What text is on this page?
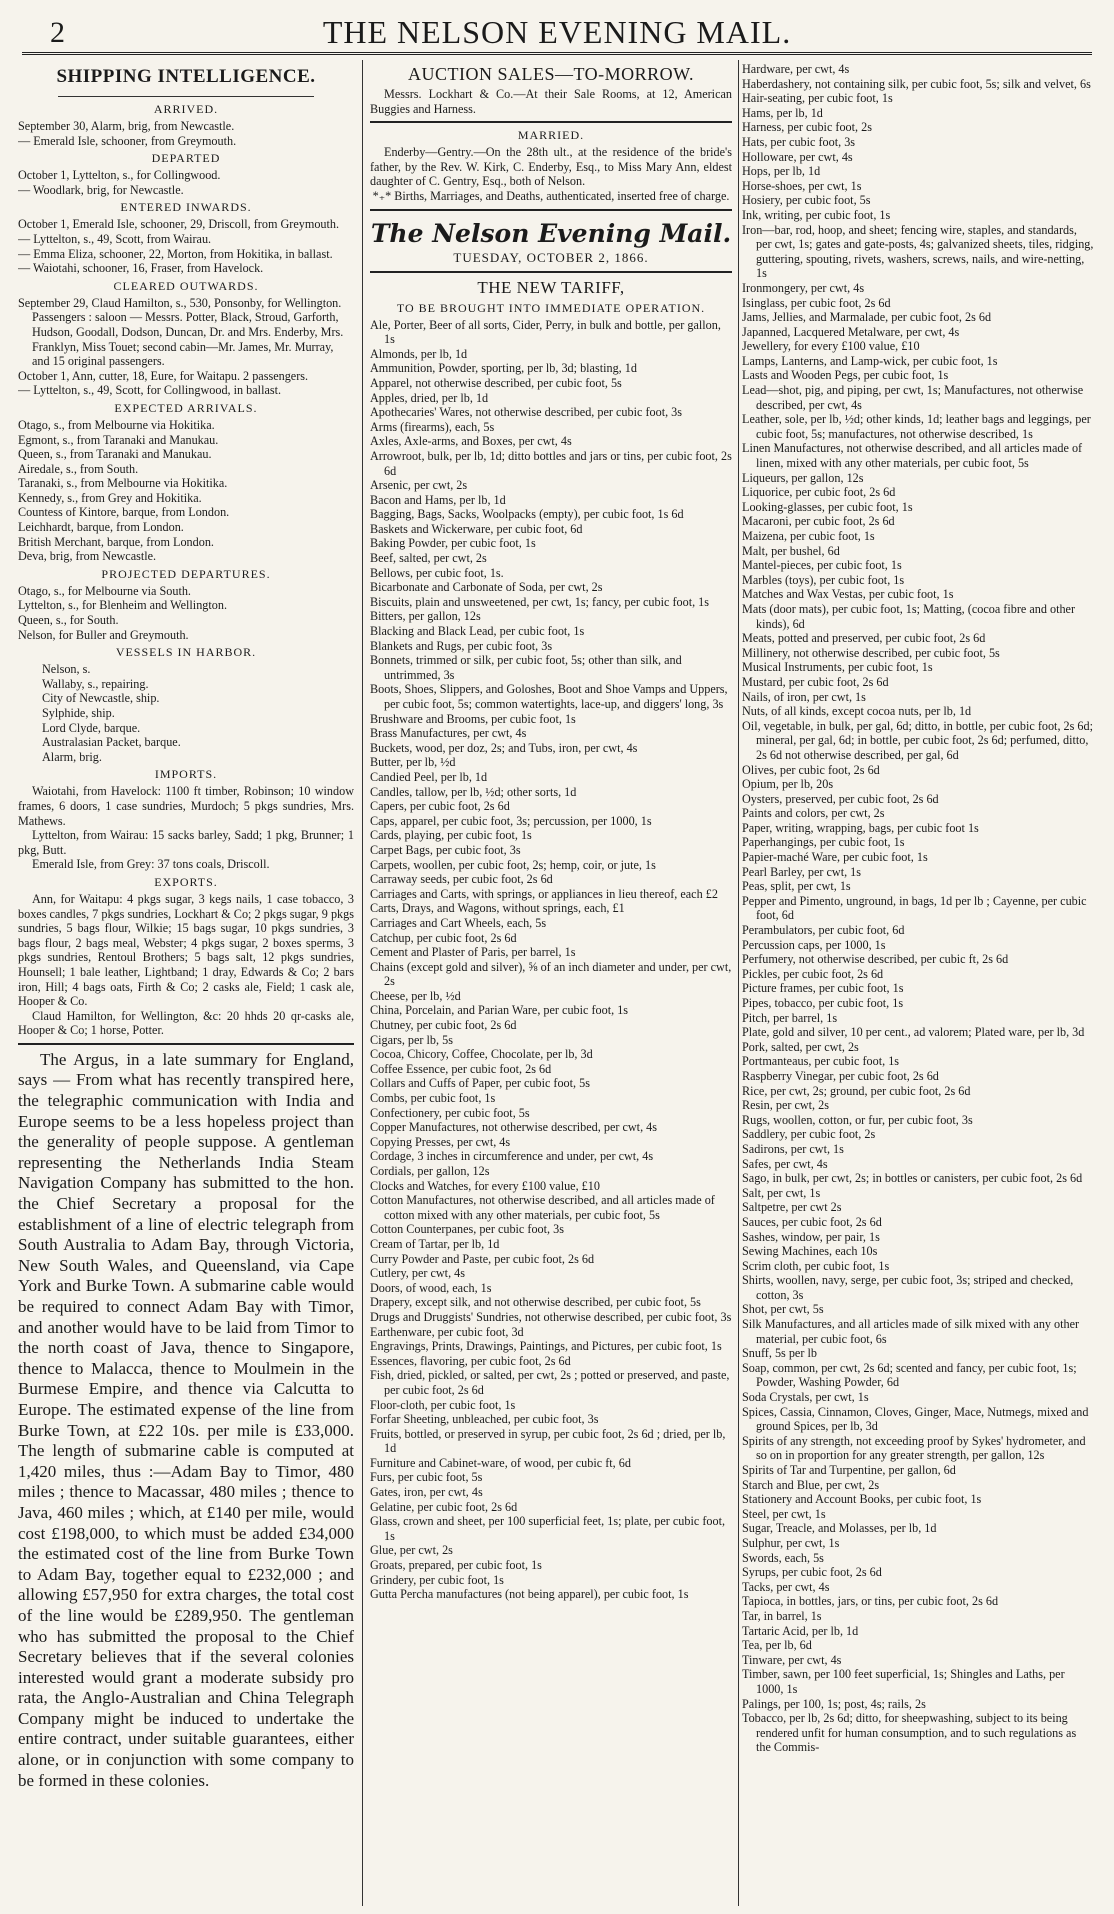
2	THE NELSON EVENING MAIL.
SHIPPING INTELLIGENCE.
ARRIVED.
September 30, Alarm, brig, from Newcastle.
— Emerald Isle, schooner, from Greymouth.
DEPARTED
October 1, Lyttelton, s., for Collingwood.
— Woodlark, brig, for Newcastle.
ENTERED INWARDS.
October 1, Emerald Isle, schooner, 29, Driscoll, from Greymouth.
— Lyttelton, s., 49, Scott, from Wairau.
— Emma Eliza, schooner, 22, Morton, from Hokitika, in ballast.
— Waiotahi, schooner, 16, Fraser, from Havelock.
CLEARED OUTWARDS.
September 29, Claud Hamilton, s., 530, Ponsonby, for Wellington. Passengers : saloon — Messrs. Potter, Black, Stroud, Garforth, Hudson, Goodall, Dodson, Duncan, Dr. and Mrs. Enderby, Mrs. Franklyn, Miss Touet; second cabin—Mr. James, Mr. Murray, and 15 original passengers.
October 1, Ann, cutter, 18, Eure, for Waitapu. 2 passengers.
— Lyttelton, s., 49, Scott, for Collingwood, in ballast.
EXPECTED ARRIVALS.
Otago, s., from Melbourne via Hokitika.
Egmont, s., from Taranaki and Manukau.
Queen, s., from Taranaki and Manukau.
Airedale, s., from South.
Taranaki, s., from Melbourne via Hokitika.
Kennedy, s., from Grey and Hokitika.
Countess of Kintore, barque, from London.
Leichhardt, barque, from London.
British Merchant, barque, from London.
Deva, brig, from Newcastle.
PROJECTED DEPARTURES.
Otago, s., for Melbourne via South.
Lyttelton, s., for Blenheim and Wellington.
Queen, s., for South.
Nelson, for Buller and Greymouth.
VESSELS IN HARBOR.
Nelson, s.
Wallaby, s., repairing.
City of Newcastle, ship.
Sylphide, ship.
Lord Clyde, barque.
Australasian Packet, barque.
Alarm, brig.
IMPORTS.
Waiotahi, from Havelock: 1100 ft timber, Robinson; 10 window frames, 6 doors, 1 case sundries, Murdoch; 5 pkgs sundries, Mrs. Mathews.
Lyttelton, from Wairau: 15 sacks barley, Sadd; 1 pkg, Brunner; 1 pkg, Butt.
Emerald Isle, from Grey: 37 tons coals, Driscoll.
EXPORTS.
Ann, for Waitapu: 4 pkgs sugar, 3 kegs nails, 1 case tobacco, 3 boxes candles, 7 pkgs sundries, Lockhart & Co; 2 pkgs sugar, 9 pkgs sundries, 5 bags flour, Wilkie; 15 bags sugar, 10 pkgs sundries, 3 bags flour, 2 bags meal, Webster; 4 pkgs sugar, 2 boxes sperms, 3 pkgs sundries, Rentoul Brothers; 5 bags salt, 12 pkgs sundries, Hounsell; 1 bale leather, Lightband; 1 dray, Edwards & Co; 2 bars iron, Hill; 4 bags oats, Firth & Co; 2 casks ale, Field; 1 cask ale, Hooper & Co.
Claud Hamilton, for Wellington, &c: 20 hhds 20 qr-casks ale, Hooper & Co; 1 horse, Potter.
The Argus, in a late summary for England, says — From what has recently transpired here, the telegraphic communication with India and Europe seems to be a less hopeless project than the generality of people suppose. A gentleman representing the Netherlands India Steam Navigation Company has submitted to the hon. the Chief Secretary a proposal for the establishment of a line of electric telegraph from South Australia to Adam Bay, through Victoria, New South Wales, and Queensland, via Cape York and Burke Town. A submarine cable would be required to connect Adam Bay with Timor, and another would have to be laid from Timor to the north coast of Java, thence to Singapore, thence to Malacca, thence to Moulmein in the Burmese Empire, and thence via Calcutta to Europe. The estimated expense of the line from Burke Town, at £22 10s. per mile is £33,000. The length of submarine cable is computed at 1,420 miles, thus :—Adam Bay to Timor, 480 miles ; thence to Macassar, 480 miles ; thence to Java, 460 miles ; which, at £140 per mile, would cost £198,000, to which must be added £34,000 the estimated cost of the line from Burke Town to Adam Bay, together equal to £232,000 ; and allowing £57,950 for extra charges, the total cost of the line would be £289,950. The gentleman who has submitted the proposal to the Chief Secretary believes that if the several colonies interested would grant a moderate subsidy pro rata, the Anglo-Australian and China Telegraph Company might be induced to undertake the entire contract, under suitable guarantees, either alone, or in conjunction with some company to be formed in these colonies.
AUCTION SALES—TO-MORROW.
Messrs. Lockhart & Co.—At their Sale Rooms, at 12, American Buggies and Harness.
MARRIED.
Enderby—Gentry.—On the 28th ult., at the residence of the bride's father, by the Rev. W. Kirk, C. Enderby, Esq., to Miss Mary Ann, eldest daughter of C. Gentry, Esq., both of Nelson.
*₊* Births, Marriages, and Deaths, authenticated, inserted free of charge.
The Nelson Evening Mail.
TUESDAY, OCTOBER 2, 1866.
THE NEW TARIFF,
TO BE BROUGHT INTO IMMEDIATE OPERATION.
Ale, Porter, Beer of all sorts, Cider, Perry, in bulk and bottle, per gallon, 1s
Almonds, per lb, 1d
Ammunition, Powder, sporting, per lb, 3d; blasting, 1d
Apparel, not otherwise described, per cubic foot, 5s
Apples, dried, per lb, 1d
Apothecaries' Wares, not otherwise described, per cubic foot, 3s
Arms (firearms), each, 5s
Axles, Axle-arms, and Boxes, per cwt, 4s
Arrowroot, bulk, per lb, 1d; ditto bottles and jars or tins, per cubic foot, 2s 6d
Arsenic, per cwt, 2s
Bacon and Hams, per lb, 1d
Bagging, Bags, Sacks, Woolpacks (empty), per cubic foot, 1s 6d
Baskets and Wickerware, per cubic foot, 6d
Baking Powder, per cubic foot, 1s
Beef, salted, per cwt, 2s
Bellows, per cubic foot, 1s.
Bicarbonate and Carbonate of Soda, per cwt, 2s
Biscuits, plain and unsweetened, per cwt, 1s; fancy, per cubic foot, 1s
Bitters, per gallon, 12s
Blacking and Black Lead, per cubic foot, 1s
Blankets and Rugs, per cubic foot, 3s
Bonnets, trimmed or silk, per cubic foot, 5s; other than silk, and untrimmed, 3s
Boots, Shoes, Slippers, and Goloshes, Boot and Shoe Vamps and Uppers, per cubic foot, 5s; common watertights, lace-up, and diggers' long, 3s
Brushware and Brooms, per cubic foot, 1s
Brass Manufactures, per cwt, 4s
Buckets, wood, per doz, 2s; and Tubs, iron, per cwt, 4s
Butter, per lb, ½d
Candied Peel, per lb, 1d
Candles, tallow, per lb, ½d; other sorts, 1d
Capers, per cubic foot, 2s 6d
Caps, apparel, per cubic foot, 3s; percussion, per 1000, 1s
Cards, playing, per cubic foot, 1s
Carpet Bags, per cubic foot, 3s
Carpets, woollen, per cubic foot, 2s; hemp, coir, or jute, 1s
Carraway seeds, per cubic foot, 2s 6d
Carriages and Carts, with springs, or appliances in lieu thereof, each £2
Carts, Drays, and Wagons, without springs, each, £1
Carriages and Cart Wheels, each, 5s
Catchup, per cubic foot, 2s 6d
Cement and Plaster of Paris, per barrel, 1s
Chains (except gold and silver), ⅝ of an inch diameter and under, per cwt, 2s
Cheese, per lb, ½d
China, Porcelain, and Parian Ware, per cubic foot, 1s
Chutney, per cubic foot, 2s 6d
Cigars, per lb, 5s
Cocoa, Chicory, Coffee, Chocolate, per lb, 3d
Coffee Essence, per cubic foot, 2s 6d
Collars and Cuffs of Paper, per cubic foot, 5s
Combs, per cubic foot, 1s
Confectionery, per cubic foot, 5s
Copper Manufactures, not otherwise described, per cwt, 4s
Copying Presses, per cwt, 4s
Cordage, 3 inches in circumference and under, per cwt, 4s
Cordials, per gallon, 12s
Clocks and Watches, for every £100 value, £10
Cotton Manufactures, not otherwise described, and all articles made of cotton mixed with any other materials, per cubic foot, 5s
Cotton Counterpanes, per cubic foot, 3s
Cream of Tartar, per lb, 1d
Curry Powder and Paste, per cubic foot, 2s 6d
Cutlery, per cwt, 4s
Doors, of wood, each, 1s
Drapery, except silk, and not otherwise described, per cubic foot, 5s
Drugs and Druggists' Sundries, not otherwise described, per cubic foot, 3s
Earthenware, per cubic foot, 3d
Engravings, Prints, Drawings, Paintings, and Pictures, per cubic foot, 1s
Essences, flavoring, per cubic foot, 2s 6d
Fish, dried, pickled, or salted, per cwt, 2s ; potted or preserved, and paste, per cubic foot, 2s 6d
Floor-cloth, per cubic foot, 1s
Forfar Sheeting, unbleached, per cubic foot, 3s
Fruits, bottled, or preserved in syrup, per cubic foot, 2s 6d ; dried, per lb, 1d
Furniture and Cabinet-ware, of wood, per cubic ft, 6d
Furs, per cubic foot, 5s
Gates, iron, per cwt, 4s
Gelatine, per cubic foot, 2s 6d
Glass, crown and sheet, per 100 superficial feet, 1s; plate, per cubic foot, 1s
Glue, per cwt, 2s
Groats, prepared, per cubic foot, 1s
Grindery, per cubic foot, 1s
Gutta Percha manufactures (not being apparel), per cubic foot, 1s
Hardware, per cwt, 4s
Haberdashery, not containing silk, per cubic foot, 5s; silk and velvet, 6s
Hair-seating, per cubic foot, 1s
Hams, per lb, 1d
Harness, per cubic foot, 2s
Hats, per cubic foot, 3s
Holloware, per cwt, 4s
Hops, per lb, 1d
Horse-shoes, per cwt, 1s
Hosiery, per cubic foot, 5s
Ink, writing, per cubic foot, 1s
Iron—bar, rod, hoop, and sheet; fencing wire, staples, and standards, per cwt, 1s; gates and gate-posts, 4s; galvanized sheets, tiles, ridging, guttering, spouting, rivets, washers, screws, nails, and wire-netting, 1s
Ironmongery, per cwt, 4s
Isinglass, per cubic foot, 2s 6d
Jams, Jellies, and Marmalade, per cubic foot, 2s 6d
Japanned, Lacquered Metalware, per cwt, 4s
Jewellery, for every £100 value, £10
Lamps, Lanterns, and Lamp-wick, per cubic foot, 1s
Lasts and Wooden Pegs, per cubic foot, 1s
Lead—shot, pig, and piping, per cwt, 1s; Manufactures, not otherwise described, per cwt, 4s
Leather, sole, per lb, ½d; other kinds, 1d; leather bags and leggings, per cubic foot, 5s; manufactures, not otherwise described, 1s
Linen Manufactures, not otherwise described, and all articles made of linen, mixed with any other materials, per cubic foot, 5s
Liqueurs, per gallon, 12s
Liquorice, per cubic foot, 2s 6d
Looking-glasses, per cubic foot, 1s
Macaroni, per cubic foot, 2s 6d
Maizena, per cubic foot, 1s
Malt, per bushel, 6d
Mantel-pieces, per cubic foot, 1s
Marbles (toys), per cubic foot, 1s
Matches and Wax Vestas, per cubic foot, 1s
Mats (door mats), per cubic foot, 1s; Matting, (cocoa fibre and other kinds), 6d
Meats, potted and preserved, per cubic foot, 2s 6d
Millinery, not otherwise described, per cubic foot, 5s
Musical Instruments, per cubic foot, 1s
Mustard, per cubic foot, 2s 6d
Nails, of iron, per cwt, 1s
Nuts, of all kinds, except cocoa nuts, per lb, 1d
Oil, vegetable, in bulk, per gal, 6d; ditto, in bottle, per cubic foot, 2s 6d; mineral, per gal, 6d; in bottle, per cubic foot, 2s 6d; perfumed, ditto, 2s 6d not otherwise described, per gal, 6d
Olives, per cubic foot, 2s 6d
Opium, per lb, 20s
Oysters, preserved, per cubic foot, 2s 6d
Paints and colors, per cwt, 2s
Paper, writing, wrapping, bags, per cubic foot 1s
Paperhangings, per cubic foot, 1s
Papier-maché Ware, per cubic foot, 1s
Pearl Barley, per cwt, 1s
Peas, split, per cwt, 1s
Pepper and Pimento, unground, in bags, 1d per lb ; Cayenne, per cubic foot, 6d
Perambulators, per cubic foot, 6d
Percussion caps, per 1000, 1s
Perfumery, not otherwise described, per cubic ft, 2s 6d
Pickles, per cubic foot, 2s 6d
Picture frames, per cubic foot, 1s
Pipes, tobacco, per cubic foot, 1s
Pitch, per barrel, 1s
Plate, gold and silver, 10 per cent., ad valorem; Plated ware, per lb, 3d
Pork, salted, per cwt, 2s
Portmanteaus, per cubic foot, 1s
Raspberry Vinegar, per cubic foot, 2s 6d
Rice, per cwt, 2s; ground, per cubic foot, 2s 6d
Resin, per cwt, 2s
Rugs, woollen, cotton, or fur, per cubic foot, 3s
Saddlery, per cubic foot, 2s
Sadirons, per cwt, 1s
Safes, per cwt, 4s
Sago, in bulk, per cwt, 2s; in bottles or canisters, per cubic foot, 2s 6d
Salt, per cwt, 1s
Saltpetre, per cwt 2s
Sauces, per cubic foot, 2s 6d
Sashes, window, per pair, 1s
Sewing Machines, each 10s
Scrim cloth, per cubic foot, 1s
Shirts, woollen, navy, serge, per cubic foot, 3s; striped and checked, cotton, 3s
Shot, per cwt, 5s
Silk Manufactures, and all articles made of silk mixed with any other material, per cubic foot, 6s
Snuff, 5s per lb
Soap, common, per cwt, 2s 6d; scented and fancy, per cubic foot, 1s; Powder, Washing Powder, 6d
Soda Crystals, per cwt, 1s
Spices, Cassia, Cinnamon, Cloves, Ginger, Mace, Nutmegs, mixed and ground Spices, per lb, 3d
Spirits of any strength, not exceeding proof by Sykes' hydrometer, and so on in proportion for any greater strength, per gallon, 12s
Spirits of Tar and Turpentine, per gallon, 6d
Starch and Blue, per cwt, 2s
Stationery and Account Books, per cubic foot, 1s
Steel, per cwt, 1s
Sugar, Treacle, and Molasses, per lb, 1d
Sulphur, per cwt, 1s
Swords, each, 5s
Syrups, per cubic foot, 2s 6d
Tacks, per cwt, 4s
Tapioca, in bottles, jars, or tins, per cubic foot, 2s 6d
Tar, in barrel, 1s
Tartaric Acid, per lb, 1d
Tea, per lb, 6d
Tinware, per cwt, 4s
Timber, sawn, per 100 feet superficial, 1s; Shingles and Laths, per 1000, 1s
Palings, per 100, 1s; post, 4s; rails, 2s
Tobacco, per lb, 2s 6d; ditto, for sheepwashing, subject to its being rendered unfit for human consumption, and to such regulations as the Commis-
